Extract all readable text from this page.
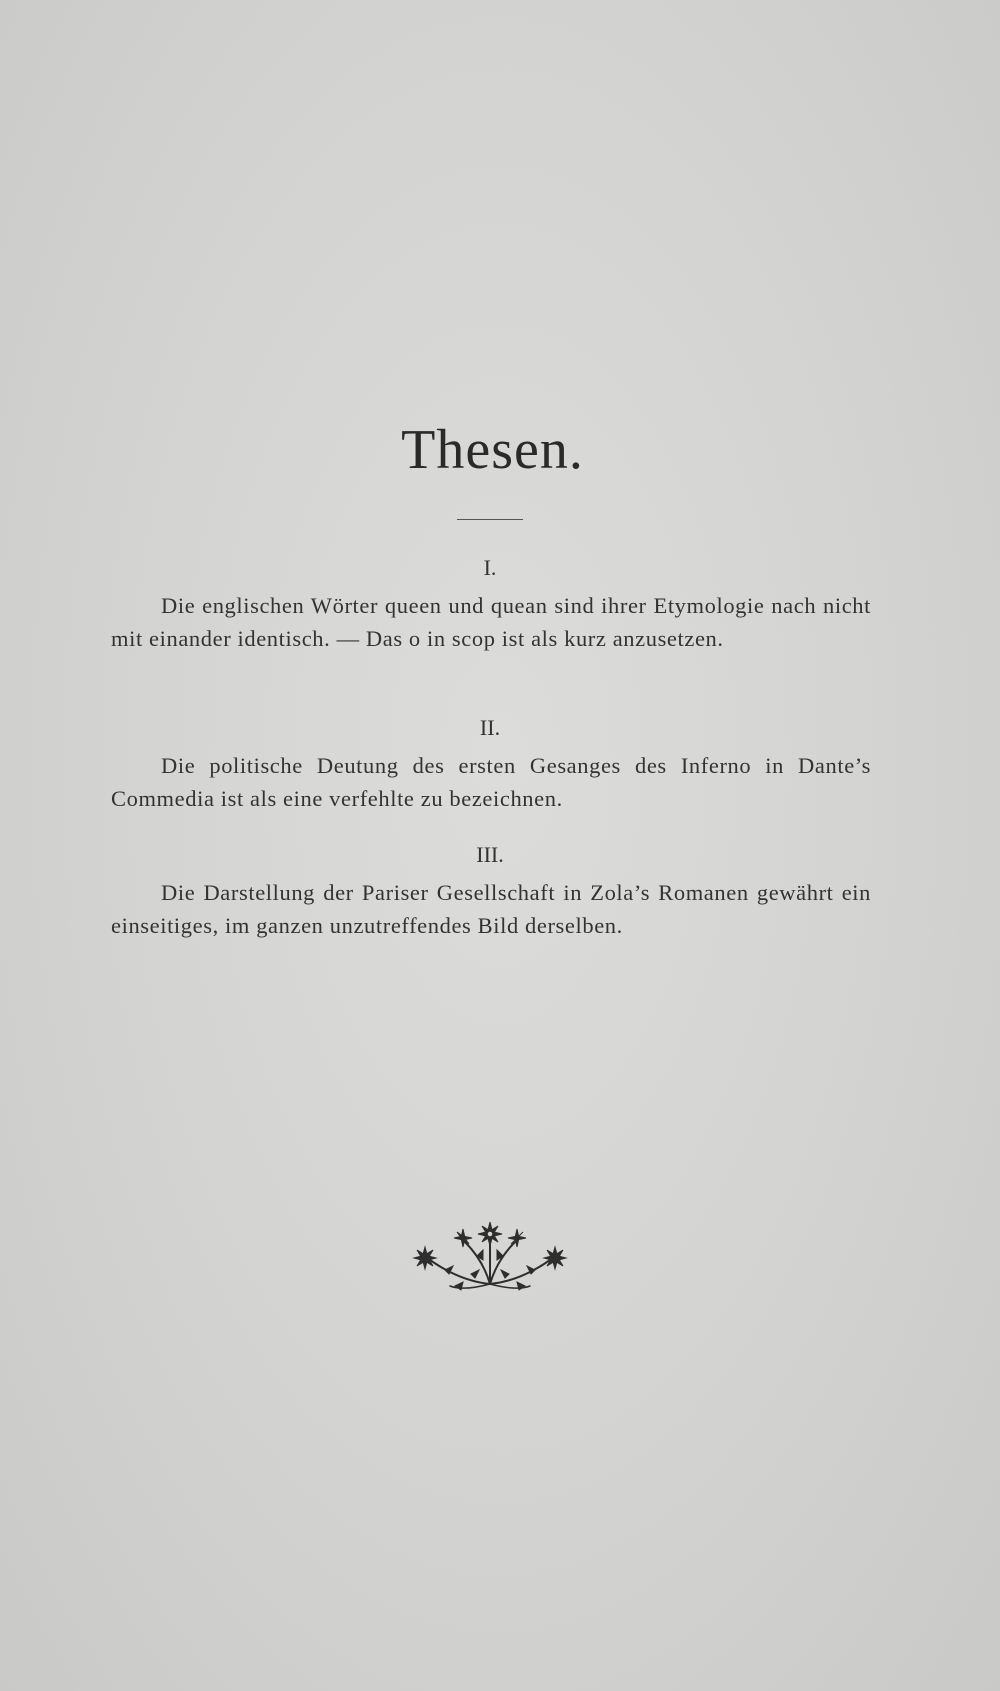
Thesen.
I.
Die englischen Wörter queen und quean sind ihrer Etymologie nach nicht mit einander identisch. — Das o in scop ist als kurz anzusetzen.
II.
Die politische Deutung des ersten Gesanges des Inferno in Dante’s Commedia ist als eine verfehlte zu bezeichnen.
III.
Die Darstellung der Pariser Gesellschaft in Zola’s Romanen gewährt ein einseitiges, im ganzen unzutreffendes Bild derselben.
